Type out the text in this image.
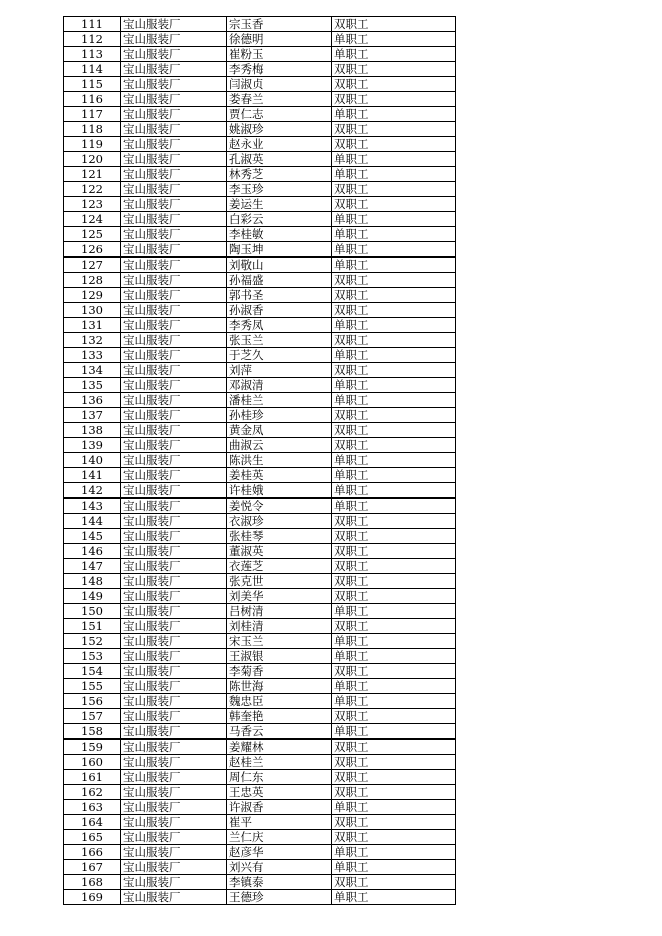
111	宝山服装厂	宗玉香	双职工
112	宝山服装厂	徐德明	单职工
113	宝山服装厂	崔粉玉	单职工
114	宝山服装厂	李秀梅	双职工
115	宝山服装厂	闫淑贞	双职工
116	宝山服装厂	娄春兰	双职工
117	宝山服装厂	贾仁志	单职工
118	宝山服装厂	姚淑珍	双职工
119	宝山服装厂	赵永业	双职工
120	宝山服装厂	孔淑英	单职工
121	宝山服装厂	林秀芝	单职工
122	宝山服装厂	李玉珍	双职工
123	宝山服装厂	姜运生	双职工
124	宝山服装厂	白彩云	单职工
125	宝山服装厂	李桂敏	单职工
126	宝山服装厂	陶玉坤	单职工
127	宝山服装厂	刘敬山	单职工
128	宝山服装厂	孙福盛	双职工
129	宝山服装厂	郭书圣	双职工
130	宝山服装厂	孙淑香	双职工
131	宝山服装厂	李秀凤	单职工
132	宝山服装厂	张玉兰	双职工
133	宝山服装厂	于芝久	单职工
134	宝山服装厂	刘萍	双职工
135	宝山服装厂	邓淑清	单职工
136	宝山服装厂	潘桂兰	单职工
137	宝山服装厂	孙桂珍	双职工
138	宝山服装厂	黄金凤	双职工
139	宝山服装厂	曲淑云	双职工
140	宝山服装厂	陈洪生	单职工
141	宝山服装厂	姜桂英	单职工
142	宝山服装厂	许桂娥	单职工
143	宝山服装厂	姜悦令	单职工
144	宝山服装厂	衣淑珍	双职工
145	宝山服装厂	张桂琴	双职工
146	宝山服装厂	董淑英	双职工
147	宝山服装厂	衣莲芝	双职工
148	宝山服装厂	张克世	双职工
149	宝山服装厂	刘美华	双职工
150	宝山服装厂	吕树清	单职工
151	宝山服装厂	刘桂清	双职工
152	宝山服装厂	宋玉兰	单职工
153	宝山服装厂	王淑银	单职工
154	宝山服装厂	李菊香	双职工
155	宝山服装厂	陈世海	单职工
156	宝山服装厂	魏忠臣	单职工
157	宝山服装厂	韩奎艳	双职工
158	宝山服装厂	马香云	单职工
159	宝山服装厂	姜耀林	双职工
160	宝山服装厂	赵桂兰	双职工
161	宝山服装厂	周仁东	双职工
162	宝山服装厂	王忠英	双职工
163	宝山服装厂	许淑香	单职工
164	宝山服装厂	崔平	双职工
165	宝山服装厂	兰仁庆	双职工
166	宝山服装厂	赵彦华	单职工
167	宝山服装厂	刘兴有	单职工
168	宝山服装厂	李镇泰	双职工
169	宝山服装厂	王德珍	单职工
